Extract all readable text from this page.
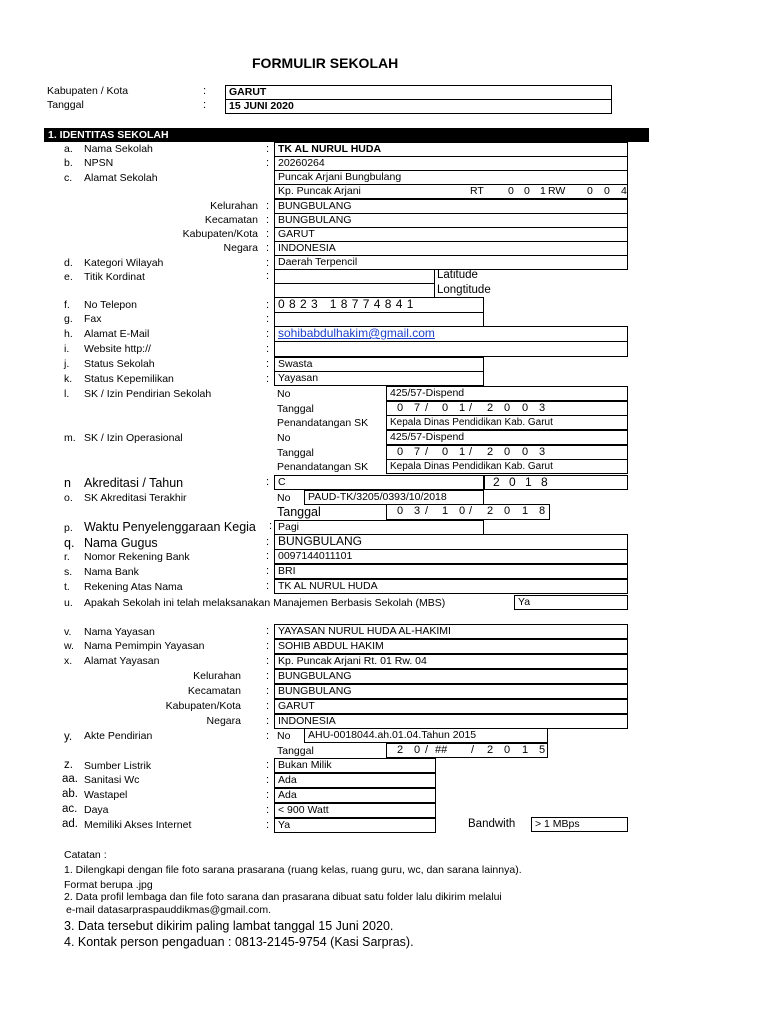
FORMULIR SEKOLAH
Kabupaten / Kota	:	GARUT
Tanggal	:	15 JUNI 2020
1. IDENTITAS SEKOLAH
a. Nama Sekolah	: TK AL NURUL HUDA
b. NPSN	: 20260264
c. Alamat Sekolah	Puncak Arjani Bungbulang
Kp. Puncak Arjani	RT 0 0 1 RW 0 0 4
Kelurahan : BUNGBULANG
Kecamatan : BUNGBULANG
Kabupaten/Kota : GARUT
Negara : INDONESIA
d. Kategori Wilayah	: Daerah Terpencil
e. Titik Kordinat	:	Latitude
Longtitude
f. No Telepon	: 0 8 2 3   1 8 7 7 4 8 4 1
g. Fax	:
h. Alamat E-Mail	: sohibabdulhakim@gmail.com
i. Website http://	:
j. Status Sekolah	: Swasta
k. Status Kepemilikan	: Yayasan
l. SK / Izin Pendirian Sekolah	No	425/57-Dispend
Tanggal	0 7 / 0 1 / 2 0 0 3
Penandatangan SK	Kepala Dinas Pendidikan Kab. Garut
m. SK / Izin Operasional	No	425/57-Dispend
Tanggal	0 7 / 0 1 / 2 0 0 3
Penandatangan SK	Kepala Dinas Pendidikan Kab. Garut
n Akreditasi / Tahun	: C	2 0 1 8
o. SK Akreditasi Terakhir	No	PAUD-TK/3205/0393/10/2018
Tanggal	0 3 / 1 0 / 2 0 1 8
p. Waktu Penyelenggaraan Kegia : Pagi
q. Nama Gugus	: BUNGBULANG
r. Nomor Rekening Bank	: 0097144011101
s. Nama Bank	: BRI
t. Rekening Atas Nama	: TK AL NURUL HUDA
u. Apakah Sekolah ini telah melaksanakan Manajemen Berbasis Sekolah (MBS)	Ya
v. Nama Yayasan	: YAYASAN NURUL HUDA AL-HAKIMI
w. Nama Pemimpin Yayasan	: SOHIB ABDUL HAKIM
x. Alamat Yayasan	: Kp. Puncak Arjani Rt. 01 Rw. 04
Kelurahan : BUNGBULANG
Kecamatan : BUNGBULANG
Kabupaten/Kota : GARUT
Negara : INDONESIA
y. Akte Pendirian	: No	AHU-0018044.ah.01.04.Tahun 2015
Tanggal	2 0 / ## / 2 0 1 5
z. Sumber Listrik	: Bukan Milik
aa. Sanitasi Wc	: Ada
ab. Wastapel	: Ada
ac. Daya	: < 900 Watt
ad. Memiliki Akses Internet	: Ya	Bandwith	> 1 MBps
Catatan :
1. Dilengkapi dengan file foto sarana prasarana (ruang kelas, ruang guru, wc, dan sarana lainnya).
Format berupa .jpg
2. Data profil lembaga dan file foto sarana dan prasarana dibuat satu folder lalu dikirim melalui
e-mail datasarpraspauddikmas@gmail.com.
3. Data tersebut dikirim paling lambat tanggal 15 Juni 2020.
4. Kontak person pengaduan : 0813-2145-9754 (Kasi Sarpras).
